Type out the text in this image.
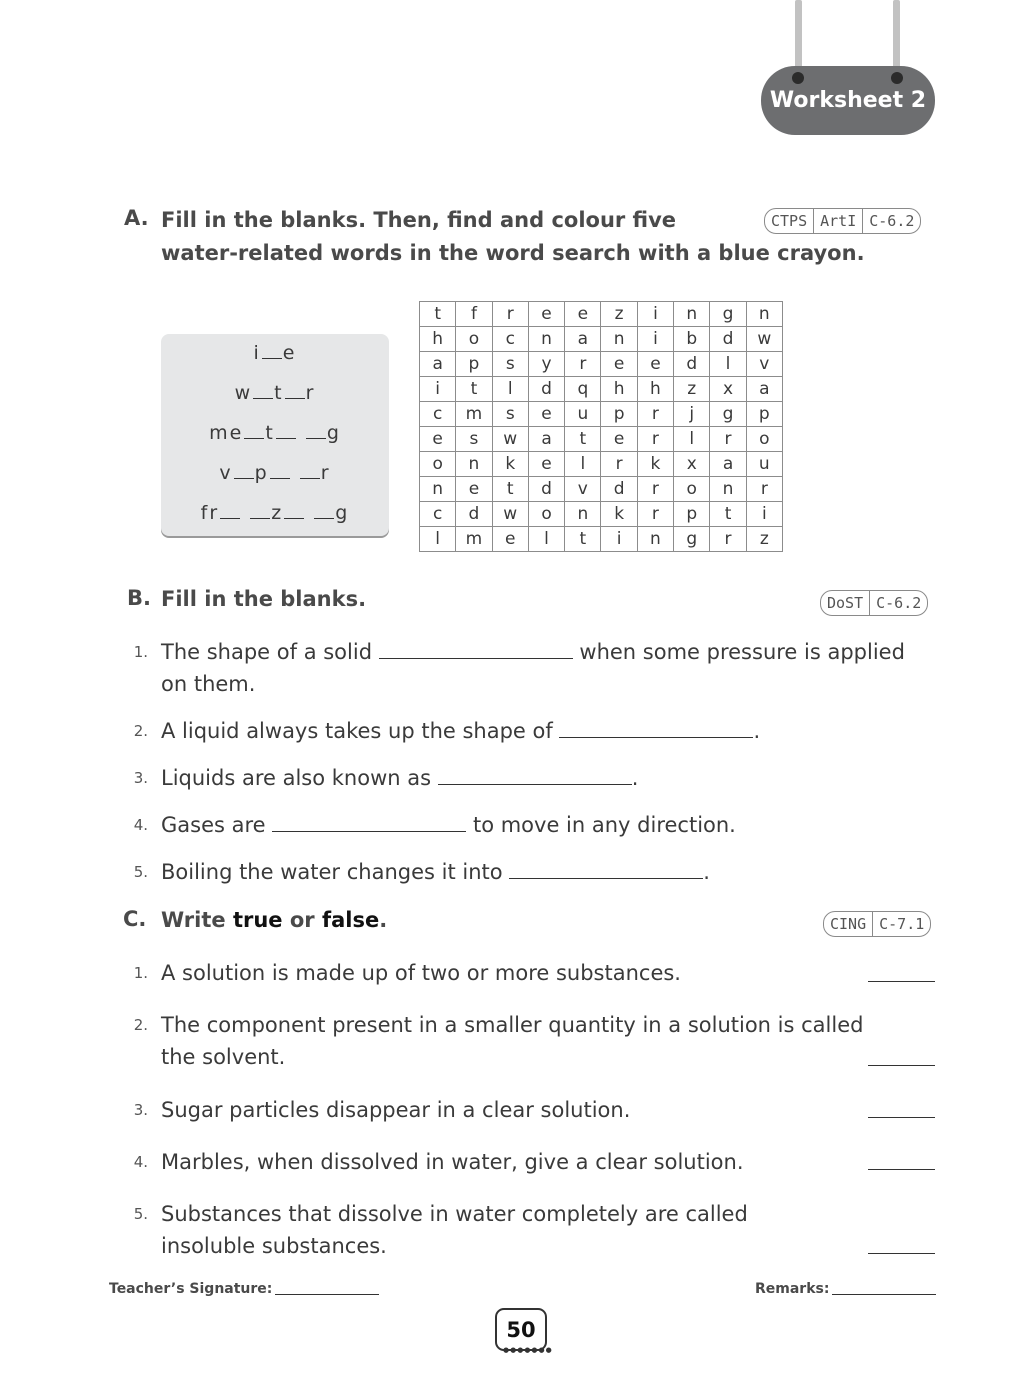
Worksheet 2
A. Fill in the blanks. Then, find and colour five
water-related words in the word search with a blue crayon.
CTPS ArtI C-6.2
i e
w t r
me t	g
v p	r
fr	z	g
t	f	r	e	e	z	i	n	g	n
h	o	c	n	a	n	i	b	d	w
a	p	s	y	r	e	e	d	l	v
i	t	l	d	q	h	h	z	x	a
c	m	s	e	u	p	r	j	g	p
e	s	w	a	t	e	r	l	r	o
o	n	k	e	l	r	k	x	a	u
n	e	t	d	v	d	r	o	n	r
c	d	w	o	n	k	r	p	t	i
l	m	e	l	t	i	n	g	r	z
B. Fill in the blanks.	DoST C-6.2
1. The shape of a solid	when some pressure is applied
on them.
2. A liquid always takes up the shape of	.
3. Liquids are also known as	.
4. Gases are	to move in any direction.
5. Boiling the water changes it into	.
C. Write true or false.	CING C-7.1
1. A solution is made up of two or more substances.
2. The component present in a smaller quantity in a solution is called
the solvent.
3. Sugar particles disappear in a clear solution.
4. Marbles, when dissolved in water, give a clear solution.
5. Substances that dissolve in water completely are called
insoluble substances.
Teacher’s Signature:	Remarks:
50
●●●●●●●
